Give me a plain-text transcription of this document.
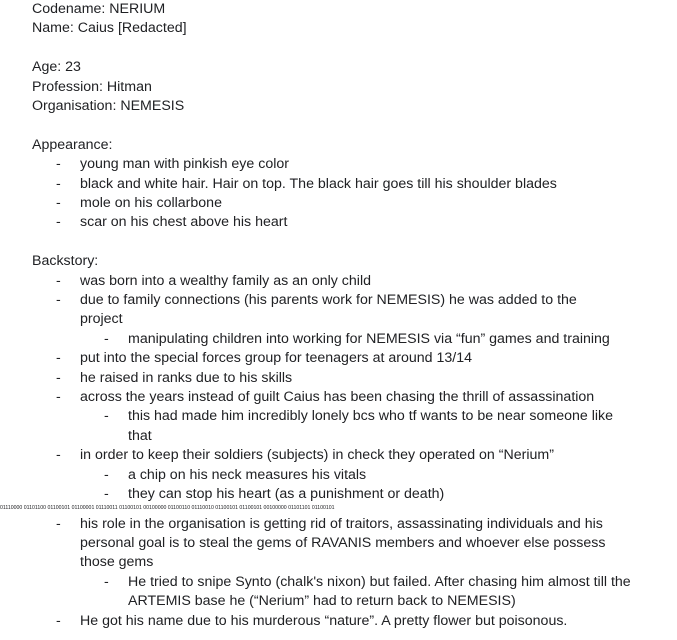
Codename: NERIUM
Name: Caius [Redacted]
Age: 23
Profession: Hitman
Organisation: NEMESIS
Appearance:
- young man with pinkish eye color
- black and white hair. Hair on top. The black hair goes till his shoulder blades
- mole on his collarbone
- scar on his chest above his heart
Backstory:
- was born into a wealthy family as an only child
- due to family connections (his parents work for NEMESIS) he was added to the project
- manipulating children into working for NEMESIS via “fun” games and training
- put into the special forces group for teenagers at around 13/14
- he raised in ranks due to his skills
- across the years instead of guilt Caius has been chasing the thrill of assassination
- this had made him incredibly lonely bcs who tf wants to be near someone like that
- in order to keep their soldiers (subjects) in check they operated on “Nerium”
- a chip on his neck measures his vitals
- they can stop his heart (as a punishment or death)
01110000 01101100 01100101 01100001 01110011 01100101 00100000 01100110 01110010 01100101 01100101 00100000 01101101 01100101
- his role in the organisation is getting rid of traitors, assassinating individuals and his personal goal is to steal the gems of RAVANIS members and whoever else possess those gems
- He tried to snipe Synto (chalk's nixon) but failed. After chasing him almost till the ARTEMIS base he (“Nerium” had to return back to NEMESIS)
- He got his name due to his murderous “nature”. A pretty flower but poisonous.
